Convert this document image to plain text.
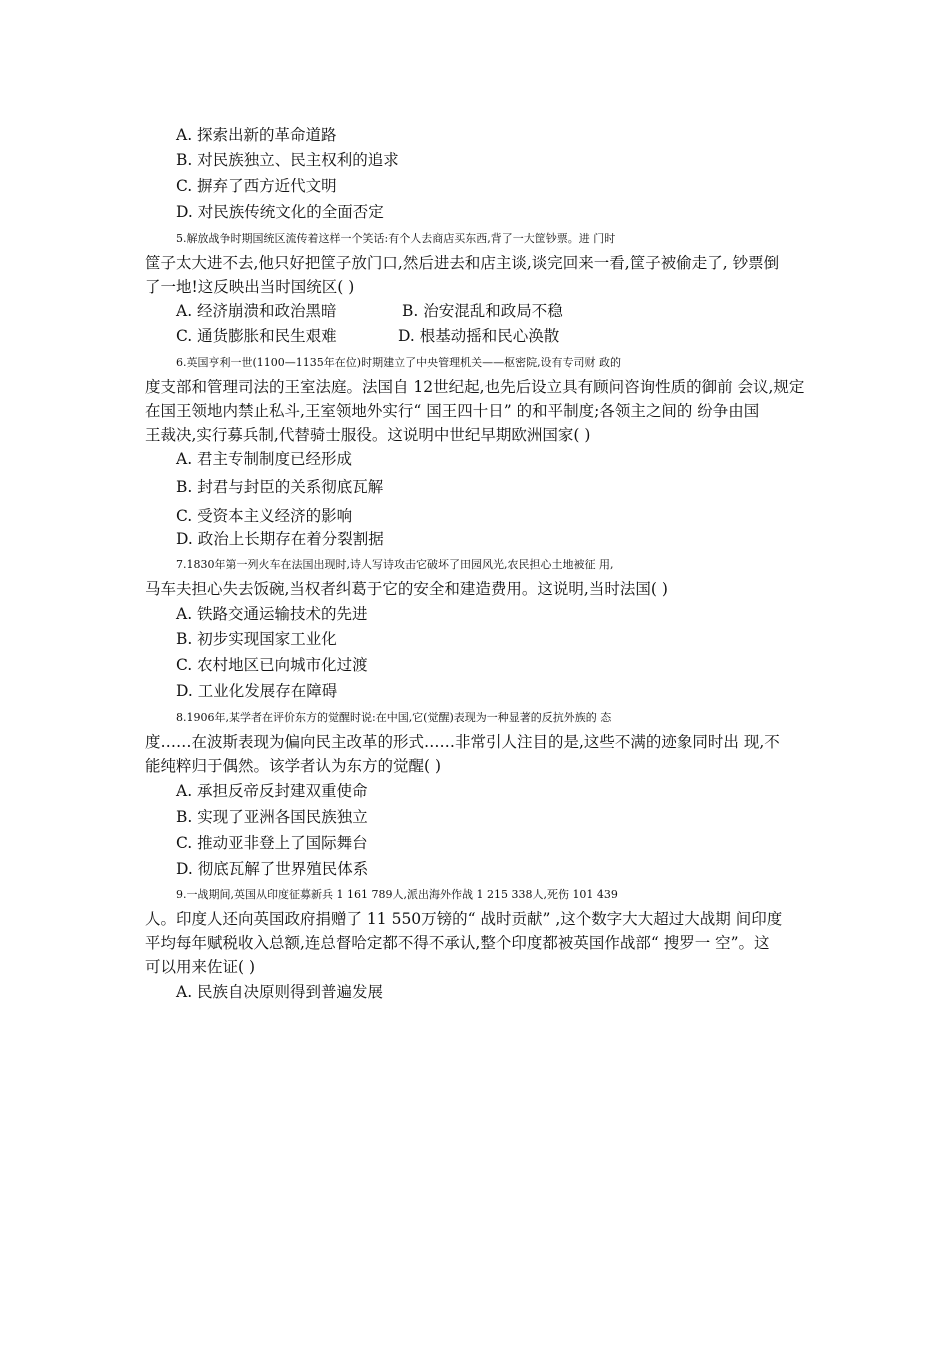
A. 探索出新的革命道路
B. 对民族独立、民主权利的追求
C. 摒弃了西方近代文明
D. 对民族传统文化的全面否定
5.解放战争时期国统区流传着这样一个笑话:有个人去商店买东西,背了一大筐钞票。进 门时
筐子太大进不去,他只好把筐子放门口,然后进去和店主谈,谈完回来一看,筐子被偷走了, 钞票倒
了一地!这反映出当时国统区( )
A. 经济崩溃和政治黑暗	B. 治安混乱和政局不稳
C. 通货膨胀和民生艰难	D. 根基动摇和民心涣散
6.英国亨利一世(1100—1135年在位)时期建立了中央管理机关——枢密院,设有专司财 政的
度支部和管理司法的王室法庭。法国自 12世纪起,也先后设立具有顾问咨询性质的御前 会议,规定
在国王领地内禁止私斗,王室领地外实行“ 国王四十日” 的和平制度;各领主之间的 纷争由国
王裁决,实行募兵制,代替骑士服役。这说明中世纪早期欧洲国家( )
A. 君主专制制度已经形成
B. 封君与封臣的关系彻底瓦解
C. 受资本主义经济的影响
D. 政治上长期存在着分裂割据
7.1830年第一列火车在法国出现时,诗人写诗攻击它破坏了田园风光,农民担心土地被征 用,
马车夫担心失去饭碗,当权者纠葛于它的安全和建造费用。这说明,当时法国( )
A. 铁路交通运输技术的先进
B. 初步实现国家工业化
C. 农村地区已向城市化过渡
D. 工业化发展存在障碍
8.1906年,某学者在评价东方的觉醒时说:在中国,它(觉醒)表现为一种显著的反抗外族的 态
度……在波斯表现为偏向民主改革的形式……非常引人注目的是,这些不满的迹象同时出 现,不
能纯粹归于偶然。该学者认为东方的觉醒( )
A. 承担反帝反封建双重使命
B. 实现了亚洲各国民族独立
C. 推动亚非登上了国际舞台
D. 彻底瓦解了世界殖民体系
9.一战期间,英国从印度征募新兵 1 161 789人,派出海外作战 1 215 338人,死伤 101 439
人。印度人还向英国政府捐赠了 11 550万镑的“ 战时贡献” ,这个数字大大超过大战期 间印度
平均每年赋税收入总额,连总督哈定都不得不承认,整个印度都被英国作战部“ 搜罗一 空”。这
可以用来佐证( )
A. 民族自决原则得到普遍发展
